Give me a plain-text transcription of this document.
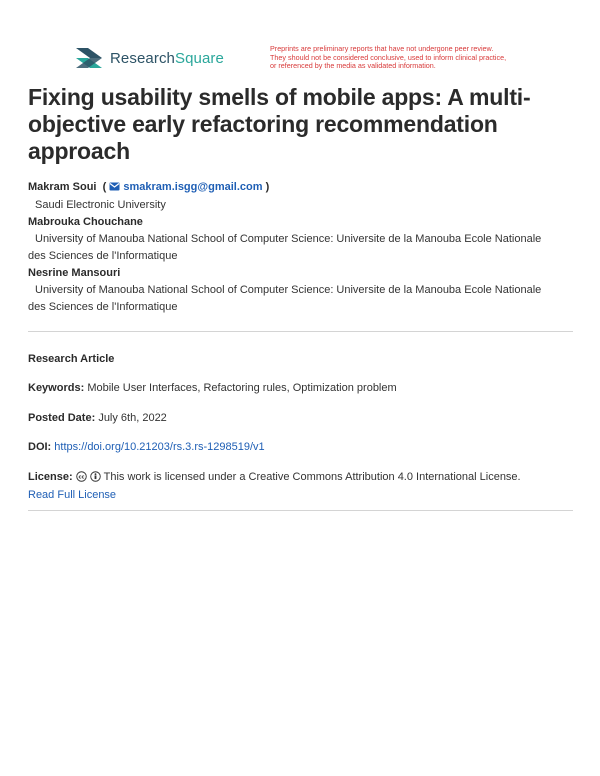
ResearchSquare
Preprints are preliminary reports that have not undergone peer review.
They should not be considered conclusive, used to inform clinical practice,
or referenced by the media as validated information.
Fixing usability smells of mobile apps: A multi-objective early refactoring recommendation approach
Makram Soui  ( smakram.isgg@gmail.com )
Saudi Electronic University
Mabrouka Chouchane
University of Manouba National School of Computer Science: Universite de la Manouba Ecole Nationale
des Sciences de l'Informatique
Nesrine Mansouri
University of Manouba National School of Computer Science: Universite de la Manouba Ecole Nationale
des Sciences de l'Informatique
Research Article
Keywords: Mobile User Interfaces, Refactoring rules, Optimization problem
Posted Date: July 6th, 2022
DOI: https://doi.org/10.21203/rs.3.rs-1298519/v1
License: cc This work is licensed under a Creative Commons Attribution 4.0 International License.
Read Full License
